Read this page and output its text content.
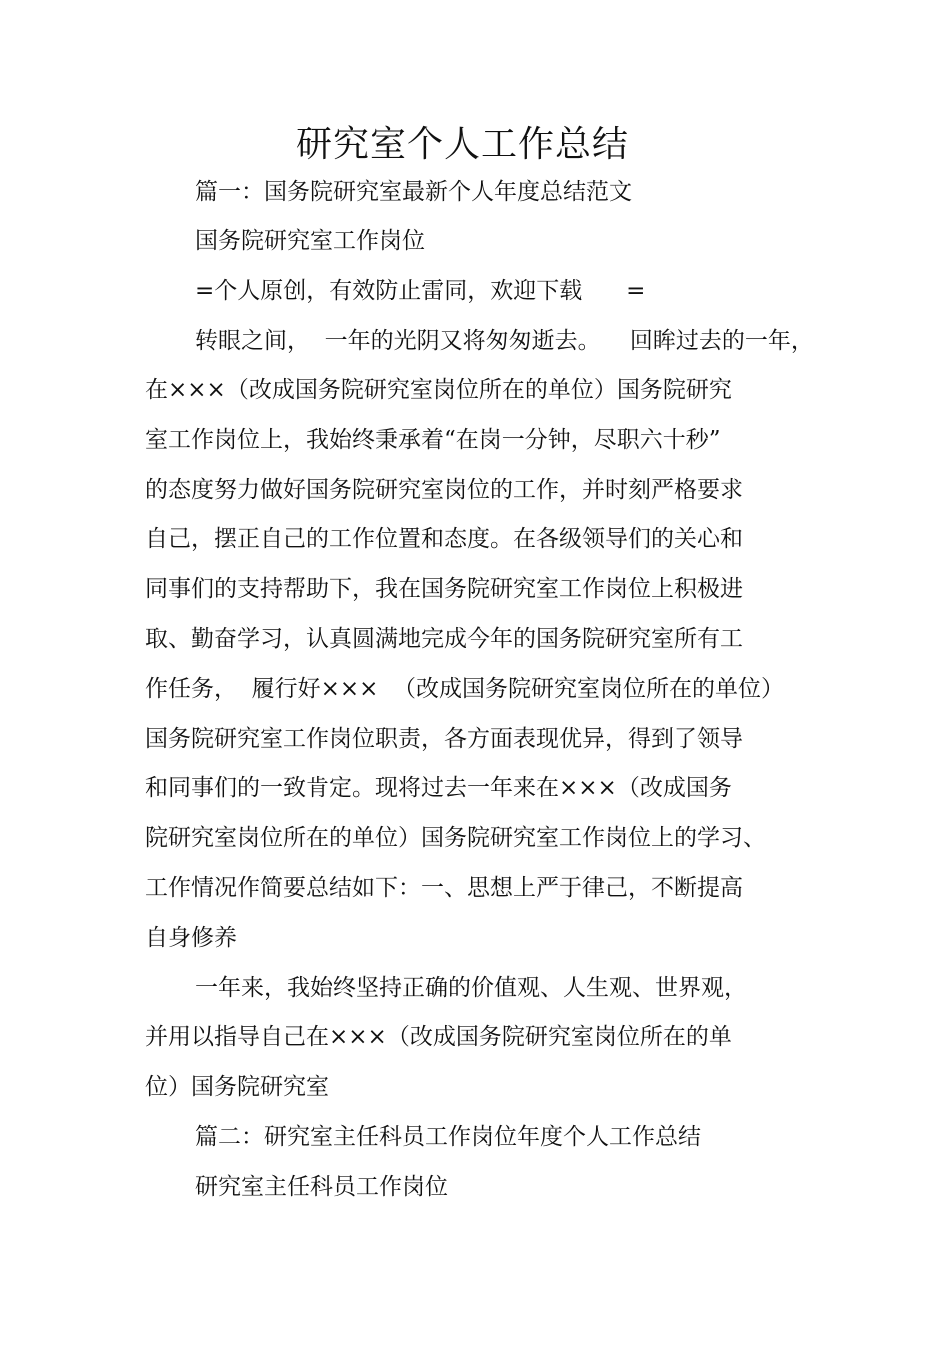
研究室个人工作总结
篇一：国务院研究室最新个人年度总结范文
国务院研究室工作岗位
=个人原创，有效防止雷同，欢迎下载      =
转眼之间，  一年的光阴又将匆匆逝去。    回眸过去的一年，
在×××（改成国务院研究室岗位所在的单位）国务院研究
室工作岗位上，我始终秉承着“在岗一分钟，尽职六十秒”
的态度努力做好国务院研究室岗位的工作，并时刻严格要求
自己，摆正自己的工作位置和态度。在各级领导们的关心和
同事们的支持帮助下，我在国务院研究室工作岗位上积极进
取、勤奋学习，认真圆满地完成今年的国务院研究室所有工
作任务，  履行好×××  （改成国务院研究室岗位所在的单位）
国务院研究室工作岗位职责，各方面表现优异，得到了领导
和同事们的一致肯定。现将过去一年来在×××（改成国务
院研究室岗位所在的单位）国务院研究室工作岗位上的学习、
工作情况作简要总结如下：一、思想上严于律己，不断提高
自身修养
一年来，我始终坚持正确的价值观、人生观、世界观，
并用以指导自己在×××（改成国务院研究室岗位所在的单
位）国务院研究室
篇二：研究室主任科员工作岗位年度个人工作总结
研究室主任科员工作岗位
